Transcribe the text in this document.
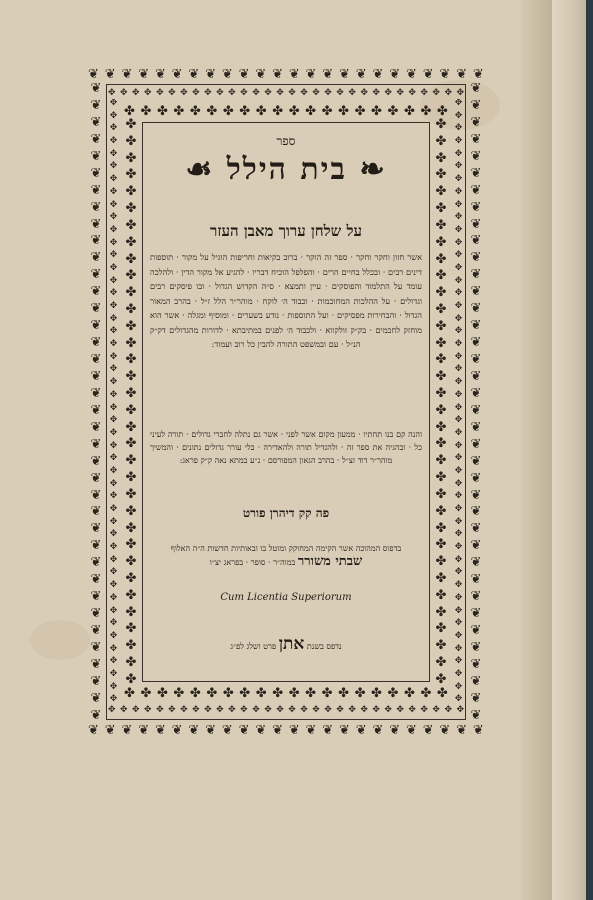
❦ ❦ ❦ ❦ ❦ ❦ ❦ ❦ ❦ ❦ ❦ ❦ ❦ ❦ ❦ ❦ ❦ ❦ ❦ ❦ ❦ ❦ ❦ ❦
❦ ❦ ❦ ❦ ❦ ❦ ❦ ❦ ❦ ❦ ❦ ❦ ❦ ❦ ❦ ❦ ❦ ❦ ❦ ❦ ❦ ❦ ❦ ❦
❦
❦
❦
❦
❦
❦
❦
❦
❦
❦
❦
❦
❦
❦
❦
❦
❦
❦
❦
❦
❦
❦
❦
❦
❦
❦
❦
❦
❦
❦
❦
❦
❦
❦
❦
❦
❦
❦
❦
❦
❦
❦
❦
❦
❦
❦
❦
❦
❦
❦
❦
❦
❦
❦
❦
❦
❦
❦
❦
❦
❦
❦
❦
❦
❦
❦
❦
❦
❦
❦
❦
❦
❦
❦
❦
❦
✥ ✥ ✥ ✥ ✥ ✥ ✥ ✥ ✥ ✥ ✥ ✥ ✥ ✥ ✥ ✥ ✥ ✥ ✥ ✥ ✥ ✥ ✥ ✥ ✥ ✥ ✥ ✥ ✥ ✥
✥ ✥ ✥ ✥ ✥ ✥ ✥ ✥ ✥ ✥ ✥ ✥ ✥ ✥ ✥ ✥ ✥ ✥ ✥ ✥ ✥ ✥ ✥ ✥ ✥ ✥ ✥ ✥ ✥ ✥
✥
✥
✥
✥
✥
✥
✥
✥
✥
✥
✥
✥
✥
✥
✥
✥
✥
✥
✥
✥
✥
✥
✥
✥
✥
✥
✥
✥
✥
✥
✥
✥
✥
✥
✥
✥
✥
✥
✥
✥
✥
✥
✥
✥
✥
✥
✥
✥
✥
✥
✥
✥
✥
✥
✥
✥
✥
✥
✥
✥
✥
✥
✥
✥
✥
✥
✥
✥
✥
✥
✥
✥
✥
✥
✥
✥
✥
✥
✥
✥
✥
✥
✥
✥
✥
✥
✥
✥
✥
✥
✥
✥
✥
✥
✥
✥
✤ ✤ ✤ ✤ ✤ ✤ ✤ ✤ ✤ ✤ ✤ ✤ ✤ ✤ ✤ ✤ ✤ ✤ ✤ ✤
✤ ✤ ✤ ✤ ✤ ✤ ✤ ✤ ✤ ✤ ✤ ✤ ✤ ✤ ✤ ✤ ✤ ✤ ✤ ✤
✤
✤
✤
✤
✤
✤
✤
✤
✤
✤
✤
✤
✤
✤
✤
✤
✤
✤
✤
✤
✤
✤
✤
✤
✤
✤
✤
✤
✤
✤
✤
✤
✤
✤
✤
✤
✤
✤
✤
✤
✤
✤
✤
✤
✤
✤
✤
✤
✤
✤
✤
✤
✤
✤
✤
✤
✤
✤
✤
✤
✤
✤
✤
✤
✤
✤
✤
✤
ספר
❧ בית הילל ☙
על שלחן ערוך מאבן העזר
אשר חזון וחקר וחקר · ספר זה הוקר · ברוב בקיאות וחריפות הוגיל על מקור · תוספות דינים רבים · ובכלל בחיים הרים · והפלפל הוכיח דבריו · להגיע אל מקור הדין · ולהלכה עומד על התלמוד והפוסקים · עיין ותמצא · ס״ה הקדוש הגדול · ובו פיסקים רבים וגדולים · על ההלכות המחוכמות · וכבוד ה׳ לוקח · מוהר״ר הלל ז״ל · בהרב המאור הגדול · והבחירות מפסיקים · ועל התוספות · נודע בשערים · ומוסיף ומגלה · אשר הוא מוחזק לחכמים · בק״ק זולקווא · ולכבוד ה׳ לפנים במתיבתא · לדורות מהגדולים דק״ק הנ״ל · עם ובמשפט התורה להבין כל רוב ועמוד:
והנה קם בנו תחתיו · ממעון מקום אשר לפני · אשר גם נתלה לחברי גדולים · תורה לעיני כל · ובהגיה את ספר זה · ולהגדיל תורה ולהאדירה · בלי עורר גדולים נתונים · והמשיך מוהר״ר דוד זצ״ל · בהרב הגאון המפורסם · נ״ע במתא נאה ק״ק פראג:
פה קק דיהרן פורט
בדפוס המהוכה אשר הקימה המחוקק ומוטל בו ובאותיות חדשות ה״ה האלוף
שבתי משורר במוה״ר · סופר · בפראג יצ״ו
Cum Licentia Superiorum
נדפס בשנת אתן פרט ושלג לפ״ג
